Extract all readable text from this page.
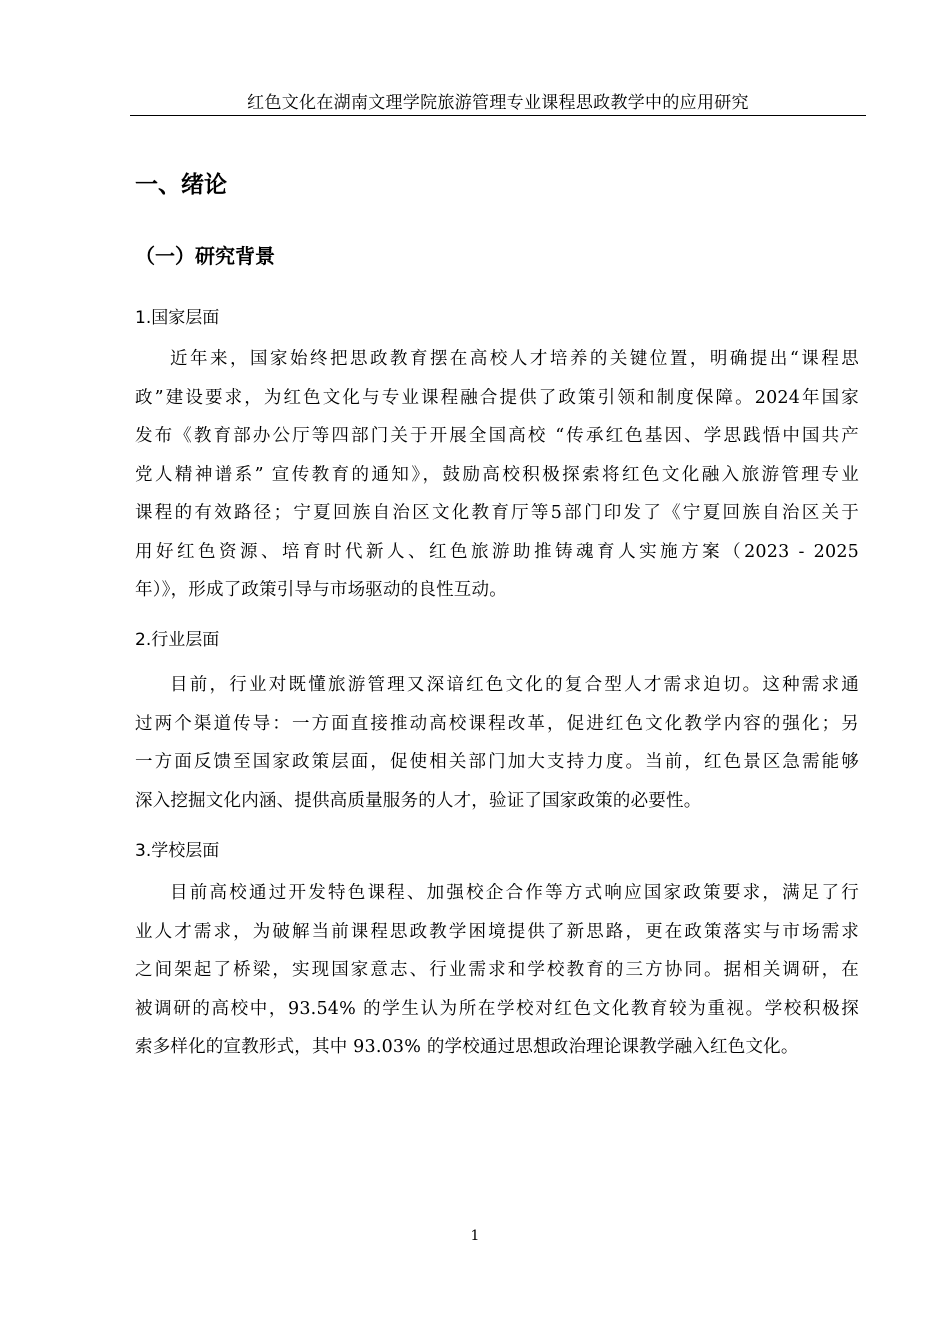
红色文化在湖南文理学院旅游管理专业课程思政教学中的应用研究
一、绪论
（一）研究背景
1.国家层面
近年来，国家始终把思政教育摆在高校人才培养的关键位置，明确提出“课程思
政”建设要求，为红色文化与专业课程融合提供了政策引领和制度保障。2024年国家
发布《教育部办公厅等四部门关于开展全国高校 “传承红色基因、学思践悟中国共产
党人精神谱系” 宣传教育的通知》，鼓励高校积极探索将红色文化融入旅游管理专业
课程的有效路径；宁夏回族自治区文化教育厅等5部门印发了《宁夏回族自治区关于
用好红色资源、培育时代新人、红色旅游助推铸魂育人实施方案（2023 - 2025
年）》，形成了政策引导与市场驱动的良性互动。
2.行业层面
目前，行业对既懂旅游管理又深谙红色文化的复合型人才需求迫切。这种需求通
过两个渠道传导：一方面直接推动高校课程改革，促进红色文化教学内容的强化；另
一方面反馈至国家政策层面，促使相关部门加大支持力度。当前，红色景区急需能够
深入挖掘文化内涵、提供高质量服务的人才，验证了国家政策的必要性。
3.学校层面
目前高校通过开发特色课程、加强校企合作等方式响应国家政策要求，满足了行
业人才需求，为破解当前课程思政教学困境提供了新思路，更在政策落实与市场需求
之间架起了桥梁，实现国家意志、行业需求和学校教育的三方协同。据相关调研，在
被调研的高校中，93.54% 的学生认为所在学校对红色文化教育较为重视。学校积极探
索多样化的宣教形式，其中 93.03% 的学校通过思想政治理论课教学融入红色文化。
1
